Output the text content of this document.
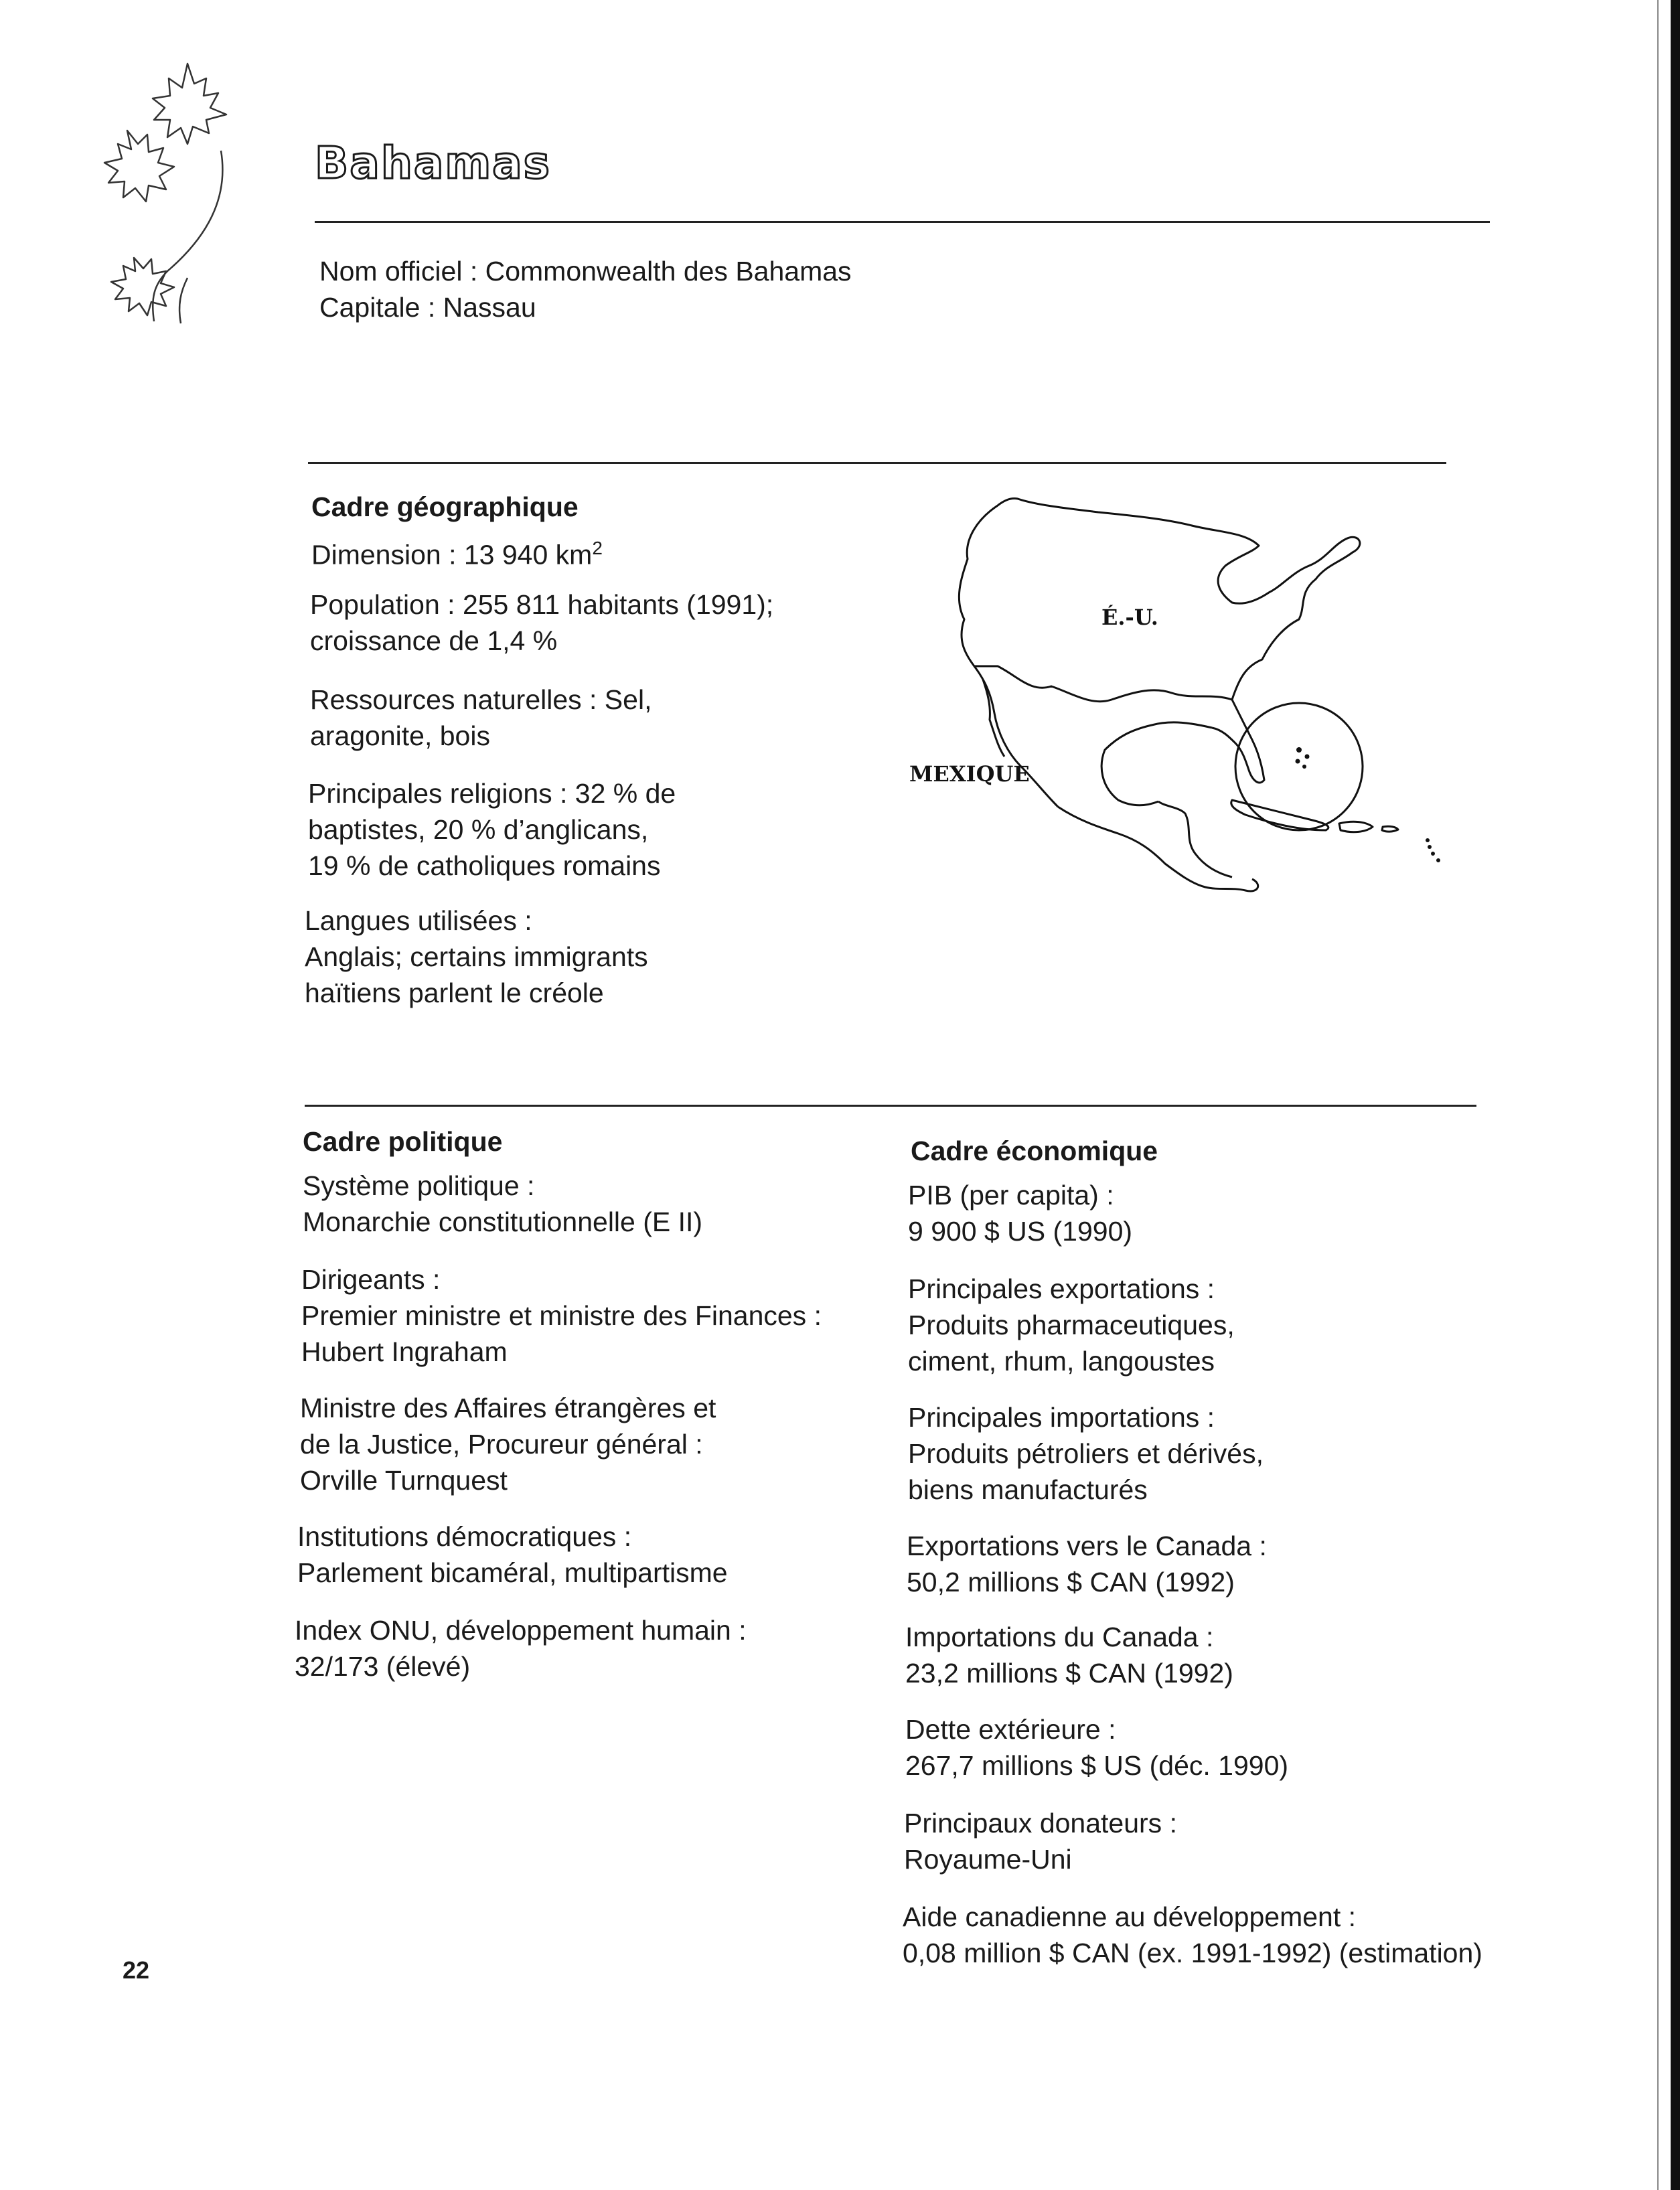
Bahamas
Nom officiel : Commonwealth des Bahamas
Capitale : Nassau
Cadre géographique
Dimension : 13 940 $km^2$
Population : 255 811 habitants (1991);
croissance de 1,4 %
Ressources naturelles : Sel,
aragonite, bois
Principales religions : 32 % de
baptistes, 20 % d’anglicans,
19 % de catholiques romains
Langues utilisées :
Anglais; certains immigrants
haïtiens parlent le créole
É.-U.
MEXIQUE
Cadre politique
Système politique :
Monarchie constitutionnelle (E II)
Dirigeants :
Premier ministre et ministre des Finances :
Hubert Ingraham
Ministre des Affaires étrangères et
de la Justice, Procureur général :
Orville Turnquest
Institutions démocratiques :
Parlement bicaméral, multipartisme
Index ONU, développement humain :
32/173 (élevé)
Cadre économique
PIB (per capita) :
9 900 $ US (1990)
Principales exportations :
Produits pharmaceutiques,
ciment, rhum, langoustes
Principales importations :
Produits pétroliers et dérivés,
biens manufacturés
Exportations vers le Canada :
50,2 millions $ CAN (1992)
Importations du Canada :
23,2 millions $ CAN (1992)
Dette extérieure :
267,7 millions $ US (déc. 1990)
Principaux donateurs :
Royaume-Uni
Aide canadienne au développement :
0,08 million $ CAN (ex. 1991-1992) (estimation)
22
